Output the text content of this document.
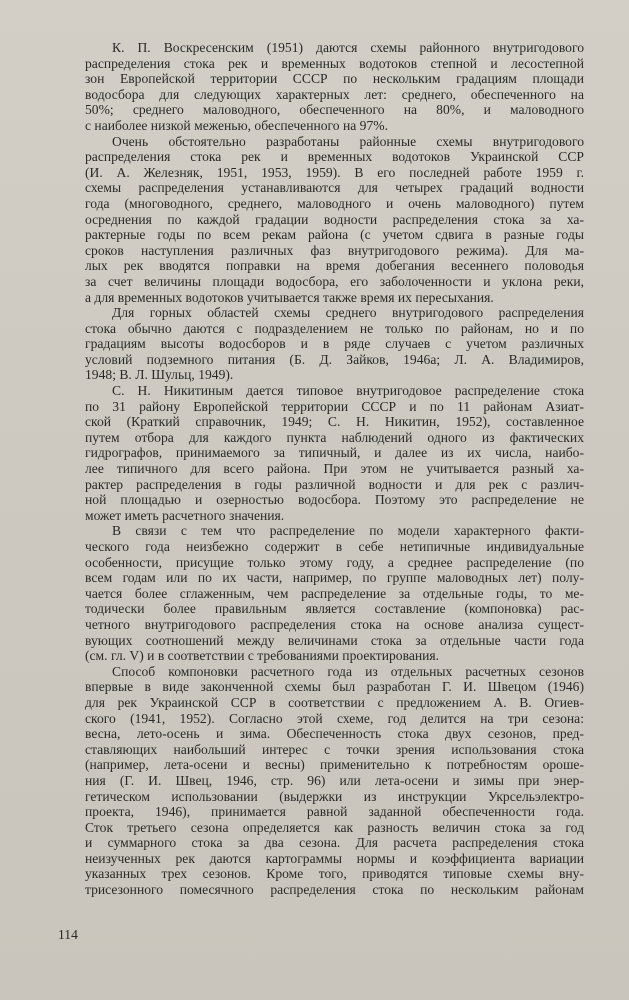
К. П. Воскресенским (1951) даются схемы районного внутригодового
распределения стока рек и временных водотоков степной и лесостепной
зон Европейской территории СССР по нескольким градациям площади
водосбора для следующих характерных лет: среднего, обеспеченного на
50%; среднего маловодного, обеспеченного на 80%, и маловодного
с наиболее низкой меженью, обеспеченного на 97%.
Очень обстоятельно разработаны районные схемы внутригодового
распределения стока рек и временных водотоков Украинской ССР
(И. А. Железняк, 1951, 1953, 1959). В его последней работе 1959 г.
схемы распределения устанавливаются для четырех градаций водности
года (многоводного, среднего, маловодного и очень маловодного) путем
осреднения по каждой градации водности распределения стока за ха-
рактерные годы по всем рекам района (с учетом сдвига в разные годы
сроков наступления различных фаз внутригодового режима). Для ма-
лых рек вводятся поправки на время добегания весеннего половодья
за счет величины площади водосбора, его заболоченности и уклона реки,
а для временных водотоков учитывается также время их пересыхания.
Для горных областей схемы среднего внутригодового распределения
стока обычно даются с подразделением не только по районам, но и по
градациям высоты водосборов и в ряде случаев с учетом различных
условий подземного питания (Б. Д. Зайков, 1946а; Л. А. Владимиров,
1948; В. Л. Шульц, 1949).
С. Н. Никитиным дается типовое внутригодовое распределение стока
по 31 району Европейской территории СССР и по 11 районам Азиат-
ской (Краткий справочник, 1949; С. Н. Никитин, 1952), составленное
путем отбора для каждого пункта наблюдений одного из фактических
гидрографов, принимаемого за типичный, и далее из их числа, наибо-
лее типичного для всего района. При этом не учитывается разный ха-
рактер распределения в годы различной водности и для рек с различ-
ной площадью и озерностью водосбора. Поэтому это распределение не
может иметь расчетного значения.
В связи с тем что распределение по модели характерного факти-
ческого года неизбежно содержит в себе нетипичные индивидуальные
особенности, присущие только этому году, а среднее распределение (по
всем годам или по их части, например, по группе маловодных лет) полу-
чается более сглаженным, чем распределение за отдельные годы, то ме-
тодически более правильным является составление (компоновка) рас-
четного внутригодового распределения стока на основе анализа сущест-
вующих соотношений между величинами стока за отдельные части года
(см. гл. V) и в соответствии с требованиями проектирования.
Способ компоновки расчетного года из отдельных расчетных сезонов
впервые в виде законченной схемы был разработан Г. И. Швецом (1946)
для рек Украинской ССР в соответствии с предложением А. В. Огиев-
ского (1941, 1952). Согласно этой схеме, год делится на три сезона:
весна, лето-осень и зима. Обеспеченность стока двух сезонов, пред-
ставляющих наибольший интерес с точки зрения использования стока
(например, лета-осени и весны) применительно к потребностям ороше-
ния (Г. И. Швец, 1946, стр. 96) или лета-осени и зимы при энер-
гетическом использовании (выдержки из инструкции Укрсельэлектро-
проекта, 1946), принимается равной заданной обеспеченности года.
Сток третьего сезона определяется как разность величин стока за год
и суммарного стока за два сезона. Для расчета распределения стока
неизученных рек даются картограммы нормы и коэффициента вариации
указанных трех сезонов. Кроме того, приводятся типовые схемы вну-
трисезонного помесячного распределения стока по нескольким районам
114
